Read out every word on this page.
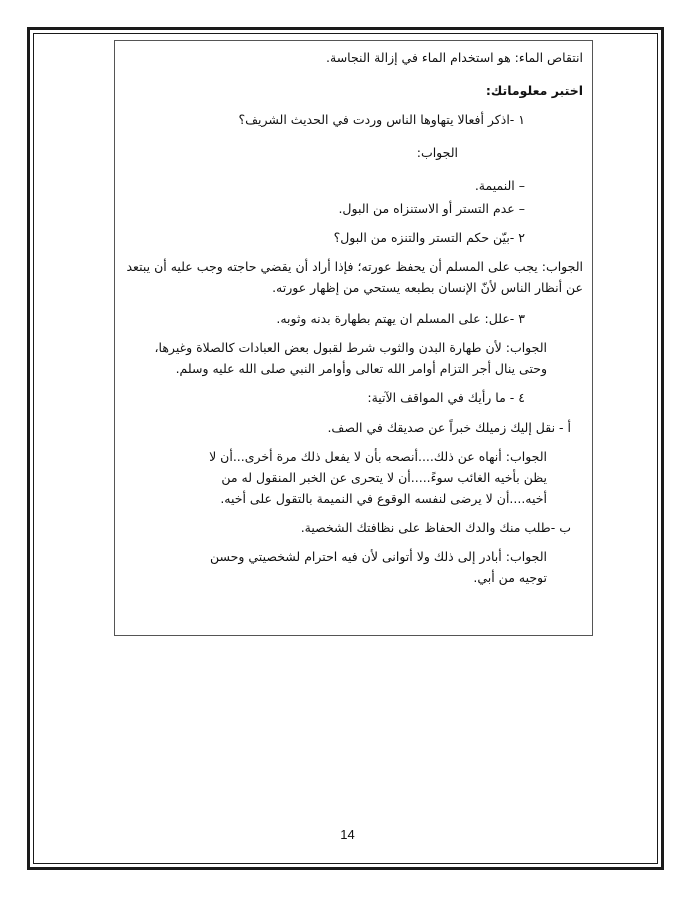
انتقاص الماء: هو استخدام الماء في إزالة النجاسة.

اختبر معلوماتك:

١ -اذكر أفعالا يتهاوها الناس وردت في الحديث الشريف؟

الجواب:

– النميمة.

– عدم التستر أو الاستنزاه من البول.

٢ -بيّن حكم التستر والتنزه من البول؟

الجواب: يجب على المسلم أن يحفظ عورته؛ فإذا أراد أن يقضي حاجته وجب عليه أن يبتعد عن أنظار الناس لأنّ الإنسان بطبعه يستحي من إظهار عورته.

٣ -علل: على المسلم ان يهتم بطهارة بدنه وثوبه.

الجواب: لأن طهارة البدن والثوب شرط لقبول بعض العبادات كالصلاة وغيرها، وحتى ينال أجر التزام أوامر الله تعالى وأوامر النبي صلى الله عليه وسلم.

٤ - ما رأيك في المواقف الآتية:

أ - نقل إليك زميلك خبراً عن صديقك في الصف.

الجواب: أنهاه عن ذلك....أنصحه بأن لا يفعل ذلك مرة أخرى...أن لا يظن بأخيه الغائب سوءً.....أن لا يتحرى عن الخبر المنقول له من أخيه....أن لا يرضى لنفسه الوقوع في النميمة بالتقول على أخيه.

ب -طلب منك والدك الحفاظ على نظافتك الشخصية.

الجواب: أبادر إلى ذلك ولا أتوانى لأن فيه احترام لشخصيتي وحسن توجيه من أبي.

14
